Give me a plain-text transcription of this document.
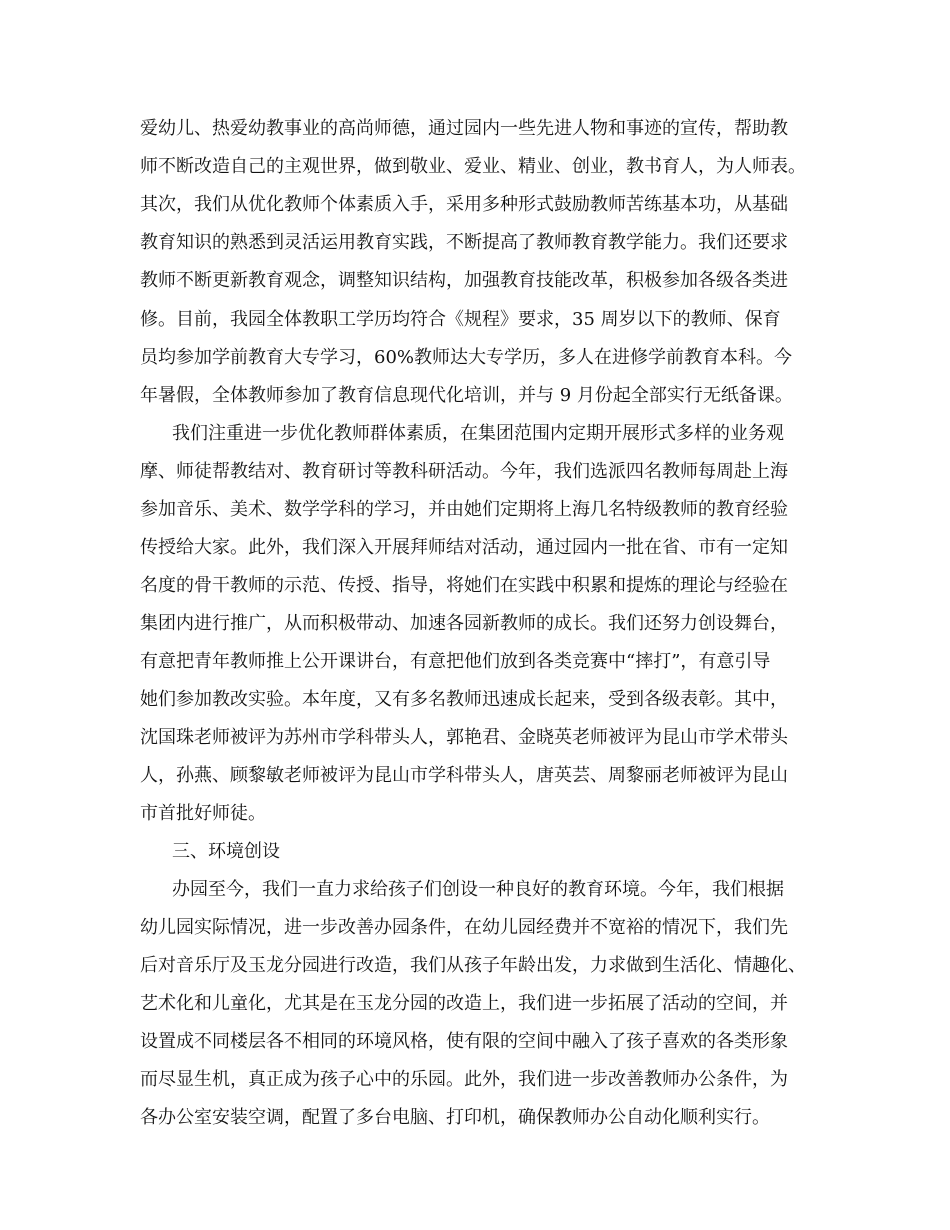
爱幼儿、热爱幼教事业的高尚师德，通过园内一些先进人物和事迹的宣传，帮助教
师不断改造自己的主观世界，做到敬业、爱业、精业、创业，教书育人，为人师表。
其次，我们从优化教师个体素质入手，采用多种形式鼓励教师苦练基本功，从基础
教育知识的熟悉到灵活运用教育实践，不断提高了教师教育教学能力。我们还要求
教师不断更新教育观念，调整知识结构，加强教育技能改革，积极参加各级各类进
修。目前，我园全体教职工学历均符合《规程》要求，35 周岁以下的教师、保育
员均参加学前教育大专学习，60%教师达大专学历，多人在进修学前教育本科。今
年暑假，全体教师参加了教育信息现代化培训，并与 9 月份起全部实行无纸备课。
我们注重进一步优化教师群体素质，在集团范围内定期开展形式多样的业务观
摩、师徒帮教结对、教育研讨等教科研活动。今年，我们选派四名教师每周赴上海
参加音乐、美术、数学学科的学习，并由她们定期将上海几名特级教师的教育经验
传授给大家。此外，我们深入开展拜师结对活动，通过园内一批在省、市有一定知
名度的骨干教师的示范、传授、指导，将她们在实践中积累和提炼的理论与经验在
集团内进行推广，从而积极带动、加速各园新教师的成长。我们还努力创设舞台，
有意把青年教师推上公开课讲台，有意把他们放到各类竞赛中“摔打”，有意引导
她们参加教改实验。本年度，又有多名教师迅速成长起来，受到各级表彰。其中，
沈国珠老师被评为苏州市学科带头人，郭艳君、金晓英老师被评为昆山市学术带头
人，孙燕、顾黎敏老师被评为昆山市学科带头人，唐英芸、周黎丽老师被评为昆山
市首批好师徒。
三、环境创设
办园至今，我们一直力求给孩子们创设一种良好的教育环境。今年，我们根据
幼儿园实际情况，进一步改善办园条件，在幼儿园经费并不宽裕的情况下，我们先
后对音乐厅及玉龙分园进行改造，我们从孩子年龄出发，力求做到生活化、情趣化、
艺术化和儿童化，尤其是在玉龙分园的改造上，我们进一步拓展了活动的空间，并
设置成不同楼层各不相同的环境风格，使有限的空间中融入了孩子喜欢的各类形象
而尽显生机，真正成为孩子心中的乐园。此外，我们进一步改善教师办公条件，为
各办公室安装空调，配置了多台电脑、打印机，确保教师办公自动化顺利实行。
